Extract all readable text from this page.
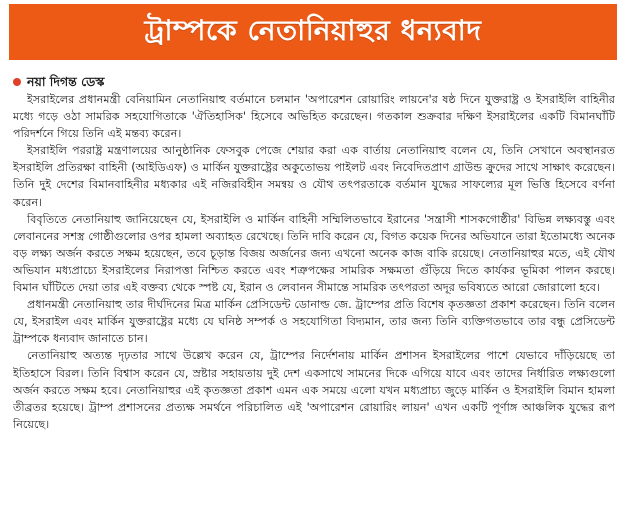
ট্রাম্পকে নেতানিয়াহুর ধন্যবাদ
নয়া দিগন্ত ডেস্ক

ইসরাইলের প্রধানমন্ত্রী বেনিয়ামিন নেতানিয়াহু বর্তমানে চলমান 'অপারেশন রোয়ারিং লায়নে'র ষষ্ঠ দিনে যুক্তরাষ্ট্র ও ইসরাইলি বাহিনীর মধ্যে গড়ে ওঠা সামরিক সহযোগিতাকে 'ঐতিহাসিক' হিসেবে অভিহিত করেছেন। গতকাল শুক্রবার দক্ষিণ ইসরাইলের একটি বিমানঘাঁটি পরিদর্শনে গিয়ে তিনি এই মন্তব্য করেন।

ইসরাইলি পররাষ্ট্র মন্ত্রণালয়ের আনুষ্ঠানিক ফেসবুক পেজে শেয়ার করা এক বার্তায় নেতানিয়াহু বলেন যে, তিনি সেখানে অবস্থানরত ইসরাইলি প্রতিরক্ষা বাহিনী (আইডিএফ) ও মার্কিন যুক্তরাষ্ট্রের অকুতোভয় পাইলট এবং নিবেদিতপ্রাণ গ্রাউন্ড ক্রুদের সাথে সাক্ষাৎ করেছেন। তিনি দুই দেশের বিমানবাহিনীর মধ্যকার এই নজিরবিহীন সমন্বয় ও যৌথ তৎপরতাকে বর্তমান যুদ্ধের সাফল্যের মূল ভিত্তি হিসেবে বর্ণনা করেন।

বিবৃতিতে নেতানিয়াহু জানিয়েছেন যে, ইসরাইলি ও মার্কিন বাহিনী সম্মিলিতভাবে ইরানের 'সন্ত্রাসী শাসকগোষ্ঠীর' বিভিন্ন লক্ষ্যবস্তু এবং লেবাননের সশস্ত্র গোষ্ঠীগুলোর ওপর হামলা অব্যাহত রেখেছে। তিনি দাবি করেন যে, বিগত কয়েক দিনের অভিযানে তারা ইতোমধ্যে অনেক বড় লক্ষ্য অর্জন করতে সক্ষম হয়েছেন, তবে চূড়ান্ত বিজয় অর্জনের জন্য এখনো অনেক কাজ বাকি রয়েছে। নেতানিয়াহুর মতে, এই যৌথ অভিযান মধ্যপ্রাচ্যে ইসরাইলের নিরাপত্তা নিশ্চিত করতে এবং শত্রুপক্ষের সামরিক সক্ষমতা গুঁড়িয়ে দিতে কার্যকর ভূমিকা পালন করছে। বিমান ঘাঁটিতে দেয়া তার এই বক্তব্য থেকে স্পষ্ট যে, ইরান ও লেবানন সীমান্তে সামরিক তৎপরতা অদূর ভবিষ্যতে আরো জোরালো হবে।

প্রধানমন্ত্রী নেতানিয়াহু তার দীর্ঘদিনের মিত্র মার্কিন প্রেসিডেন্ট ডোনাল্ড জে. ট্রাম্পের প্রতি বিশেষ কৃতজ্ঞতা প্রকাশ করেছেন। তিনি বলেন যে, ইসরাইল এবং মার্কিন যুক্তরাষ্ট্রের মধ্যে যে ঘনিষ্ঠ সম্পর্ক ও সহযোগিতা বিদ্যমান, তার জন্য তিনি ব্যক্তিগতভাবে তার বন্ধু প্রেসিডেন্ট ট্রাম্পকে ধন্যবাদ জানাতে চান।

নেতানিয়াহু অত্যন্ত দৃঢ়তার সাথে উল্লেখ করেন যে, ট্রাম্পের নির্দেশনায় মার্কিন প্রশাসন ইসরাইলের পাশে যেভাবে দাঁড়িয়েছে তা ইতিহাসে বিরল। তিনি বিশ্বাস করেন যে, স্রষ্টার সহায়তায় দুই দেশ একসাথে সামনের দিকে এগিয়ে যাবে এবং তাদের নির্ধারিত লক্ষ্যগুলো অর্জন করতে সক্ষম হবে। নেতানিয়াহুর এই কৃতজ্ঞতা প্রকাশ এমন এক সময়ে এলো যখন মধ্যপ্রাচ্য জুড়ে মার্কিন ও ইসরাইলি বিমান হামলা তীব্রতর হয়েছে। ট্রাম্প প্রশাসনের প্রত্যক্ষ সমর্থনে পরিচালিত এই 'অপারেশন রোয়ারিং লায়ন' এখন একটি পূর্ণাঙ্গ আঞ্চলিক যুদ্ধের রূপ নিয়েছে।
